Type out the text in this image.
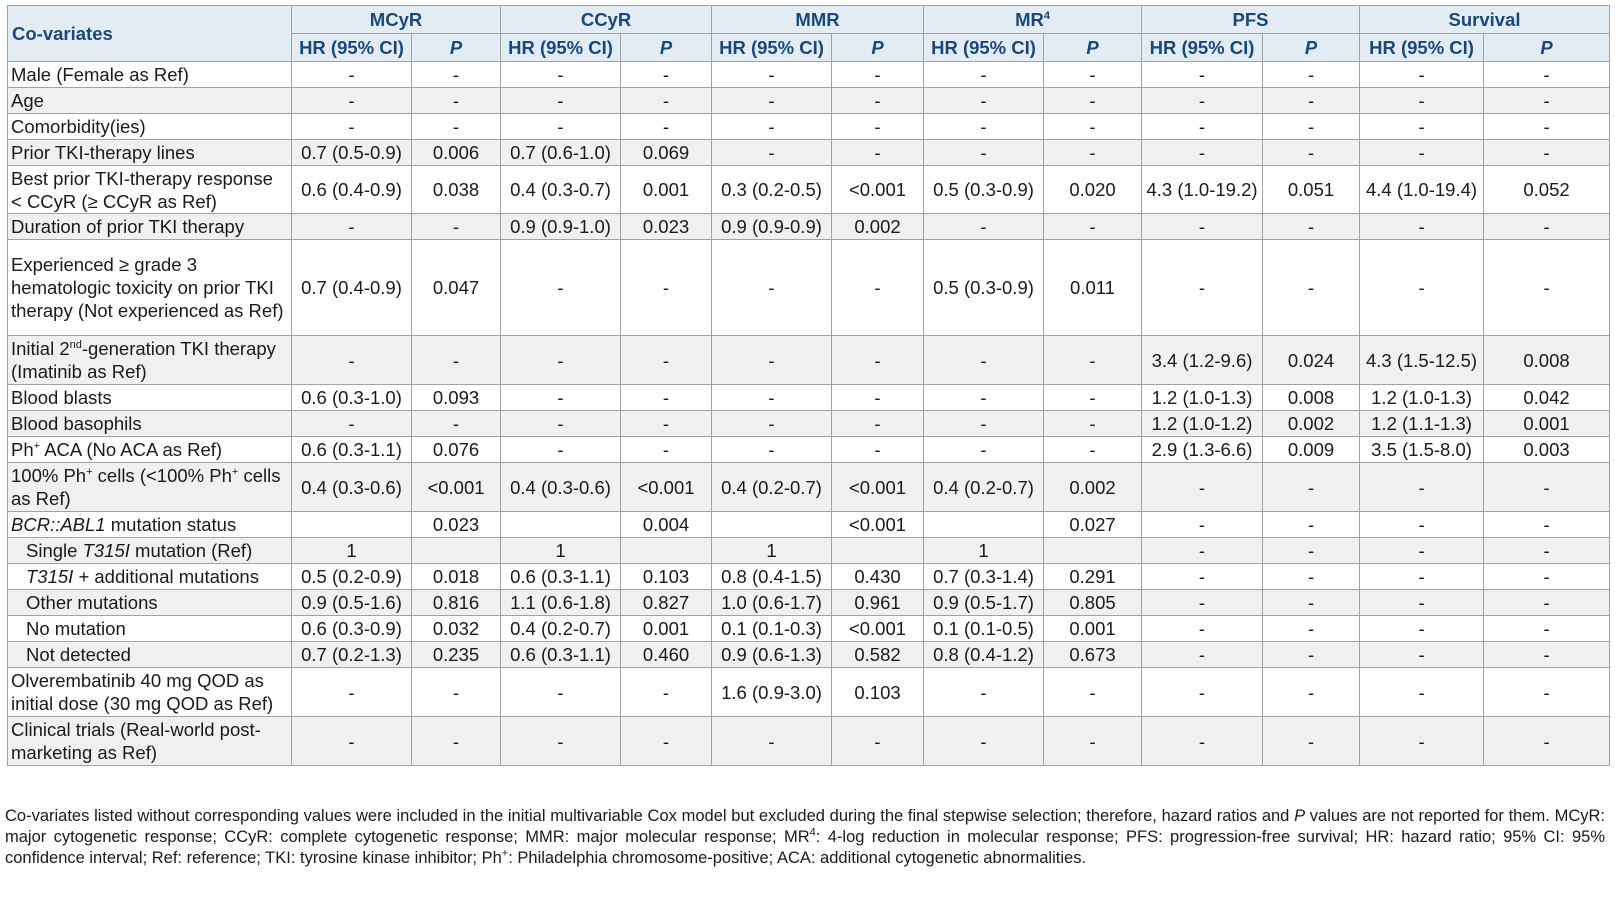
Co-variates	MCyR		CCyR		MMR		$MR^4$		PFS		Survival	
	HR (95% CI)	P	HR (95% CI)	P	HR (95% CI)	P	HR (95% CI)	P	HR (95% CI)	P	HR (95% CI)	P
Male (Female as Ref)	-	-	-	-	-	-	-	-	-	-	-	-
Age	-	-	-	-	-	-	-	-	-	-	-	-
Comorbidity(ies)	-	-	-	-	-	-	-	-	-	-	-	-
Prior TKI-therapy lines	0.7 (0.5-0.9)	0.006	0.7 (0.6-1.0)	0.069	-	-	-	-	-	-	-	-
Best prior TKI-therapy response < CCyR (≥ CCyR as Ref)	0.6 (0.4-0.9)	0.038	0.4 (0.3-0.7)	0.001	0.3 (0.2-0.5)	<0.001	0.5 (0.3-0.9)	0.020	4.3 (1.0-19.2)	0.051	4.4 (1.0-19.4)	0.052
Duration of prior TKI therapy	-	-	0.9 (0.9-1.0)	0.023	0.9 (0.9-0.9)	0.002	-	-	-	-	-	-
Experienced ≥ grade 3 hematologic toxicity on prior TKI therapy (Not experienced as Ref)	0.7 (0.4-0.9)	0.047	-	-	-	-	0.5 (0.3-0.9)	0.011	-	-	-	-
Initial 2nd-generation TKI therapy (Imatinib as Ref)	-	-	-	-	-	-	-	-	3.4 (1.2-9.6)	0.024	4.3 (1.5-12.5)	0.008
Blood blasts	0.6 (0.3-1.0)	0.093	-	-	-	-	-	-	1.2 (1.0-1.3)	0.008	1.2 (1.0-1.3)	0.042
Blood basophils	-	-	-	-	-	-	-	-	1.2 (1.0-1.2)	0.002	1.2 (1.1-1.3)	0.001
Ph+ ACA (No ACA as Ref)	0.6 (0.3-1.1)	0.076	-	-	-	-	-	-	2.9 (1.3-6.6)	0.009	3.5 (1.5-8.0)	0.003
100% Ph+ cells (<100% Ph+ cells as Ref)	0.4 (0.3-0.6)	<0.001	0.4 (0.3-0.6)	<0.001	0.4 (0.2-0.7)	<0.001	0.4 (0.2-0.7)	0.002	-	-	-	-
BCR::ABL1 mutation status		0.023		0.004		<0.001		0.027	-	-	-	-
Single T315I mutation (Ref)	1		1		1		1		-	-	-	-
T315I + additional mutations	0.5 (0.2-0.9)	0.018	0.6 (0.3-1.1)	0.103	0.8 (0.4-1.5)	0.430	0.7 (0.3-1.4)	0.291	-	-	-	-
Other mutations	0.9 (0.5-1.6)	0.816	1.1 (0.6-1.8)	0.827	1.0 (0.6-1.7)	0.961	0.9 (0.5-1.7)	0.805	-	-	-	-
No mutation	0.6 (0.3-0.9)	0.032	0.4 (0.2-0.7)	0.001	0.1 (0.1-0.3)	<0.001	0.1 (0.1-0.5)	0.001	-	-	-	-
Not detected	0.7 (0.2-1.3)	0.235	0.6 (0.3-1.1)	0.460	0.9 (0.6-1.3)	0.582	0.8 (0.4-1.2)	0.673	-	-	-	-
Olverembatinib 40 mg QOD as initial dose (30 mg QOD as Ref)	-	-	-	-	1.6 (0.9-3.0)	0.103	-	-	-	-	-	-
Clinical trials (Real-world post-marketing as Ref)	-	-	-	-	-	-	-	-	-	-	-	-
Co-variates listed without corresponding values were included in the initial multivariable Cox model but excluded during the final stepwise selection; therefore, hazard ratios and P values are not reported for them. MCyR: major cytogenetic response; CCyR: complete cytogenetic response; MMR: major molecular response; $MR^4$: 4-log reduction in molecular response; PFS: progression-free survival; HR: hazard ratio; 95% CI: 95% confidence interval; Ref: reference; TKI: tyrosine kinase inhibitor; Ph+: Philadelphia chromosome-positive; ACA: additional cytogenetic abnormalities.
